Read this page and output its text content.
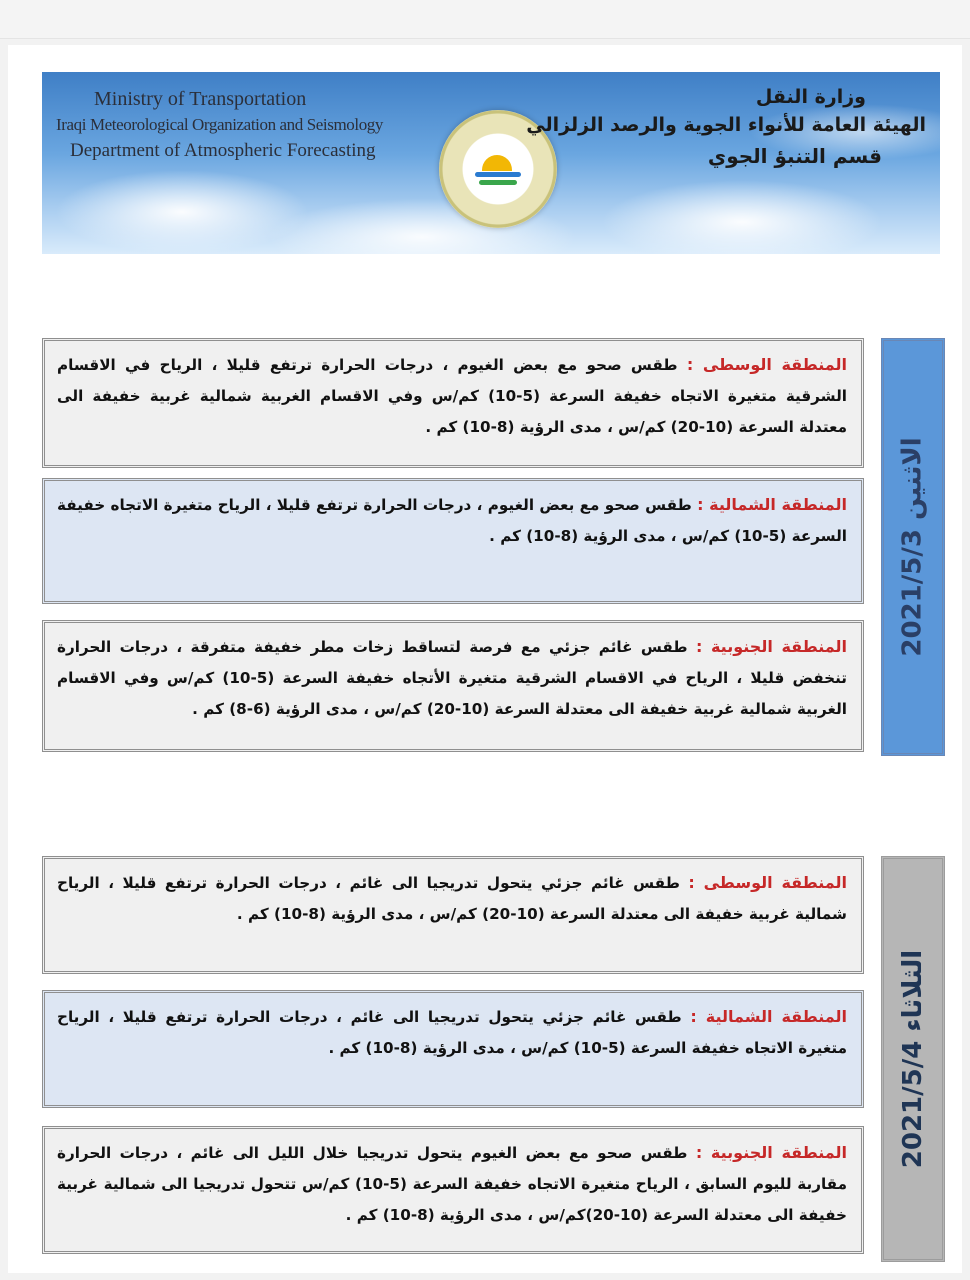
Ministry of Transportation
Iraqi Meteorological Organization and Seismology
Department of Atmospheric Forecasting
وزارة النقل
الهيئة العامة للأنواء الجوية والرصد الزلزالي
قسم التنبؤ الجوي
الاثنين 2021/5/3
المنطقة الوسطى : طقس صحو مع بعض الغيوم ، درجات الحرارة ترتفع قليلا ، الرياح في الاقسام الشرقية متغيرة الاتجاه خفيفة السرعة (5-10) كم/س وفي الاقسام الغربية شمالية غربية خفيفة الى معتدلة السرعة (10-20) كم/س ، مدى الرؤية (8-10) كم .
المنطقة الشمالية : طقس صحو مع بعض الغيوم ، درجات الحرارة ترتفع قليلا ، الرياح متغيرة الاتجاه خفيفة السرعة (5-10) كم/س ، مدى الرؤية (8-10) كم .
المنطقة الجنوبية : طقس غائم جزئي مع فرصة لتساقط زخات مطر خفيفة متفرقة ، درجات الحرارة تنخفض قليلا ، الرياح في الاقسام الشرقية متغيرة الأتجاه خفيفة السرعة (5-10) كم/س وفي الاقسام الغربية شمالية غربية خفيفة الى معتدلة السرعة (10-20) كم/س ، مدى الرؤية (6-8) كم .
الثلاثاء 2021/5/4
المنطقة الوسطى : طقس غائم جزئي يتحول تدريجيا الى غائم ، درجات الحرارة ترتفع قليلا ، الرياح شمالية غربية خفيفة الى معتدلة السرعة (10-20) كم/س ، مدى الرؤية (8-10) كم .
المنطقة الشمالية : طقس غائم جزئي يتحول تدريجيا الى غائم ، درجات الحرارة ترتفع قليلا ، الرياح متغيرة الاتجاه خفيفة السرعة (5-10) كم/س ، مدى الرؤية (8-10) كم .
المنطقة الجنوبية : طقس صحو مع بعض الغيوم يتحول تدريجيا خلال الليل الى غائم ، درجات الحرارة مقاربة لليوم السابق ، الرياح متغيرة الاتجاه خفيفة السرعة (5-10) كم/س تتحول تدريجيا الى شمالية غربية خفيفة الى معتدلة السرعة (10-20)كم/س ، مدى الرؤية (8-10) كم .
